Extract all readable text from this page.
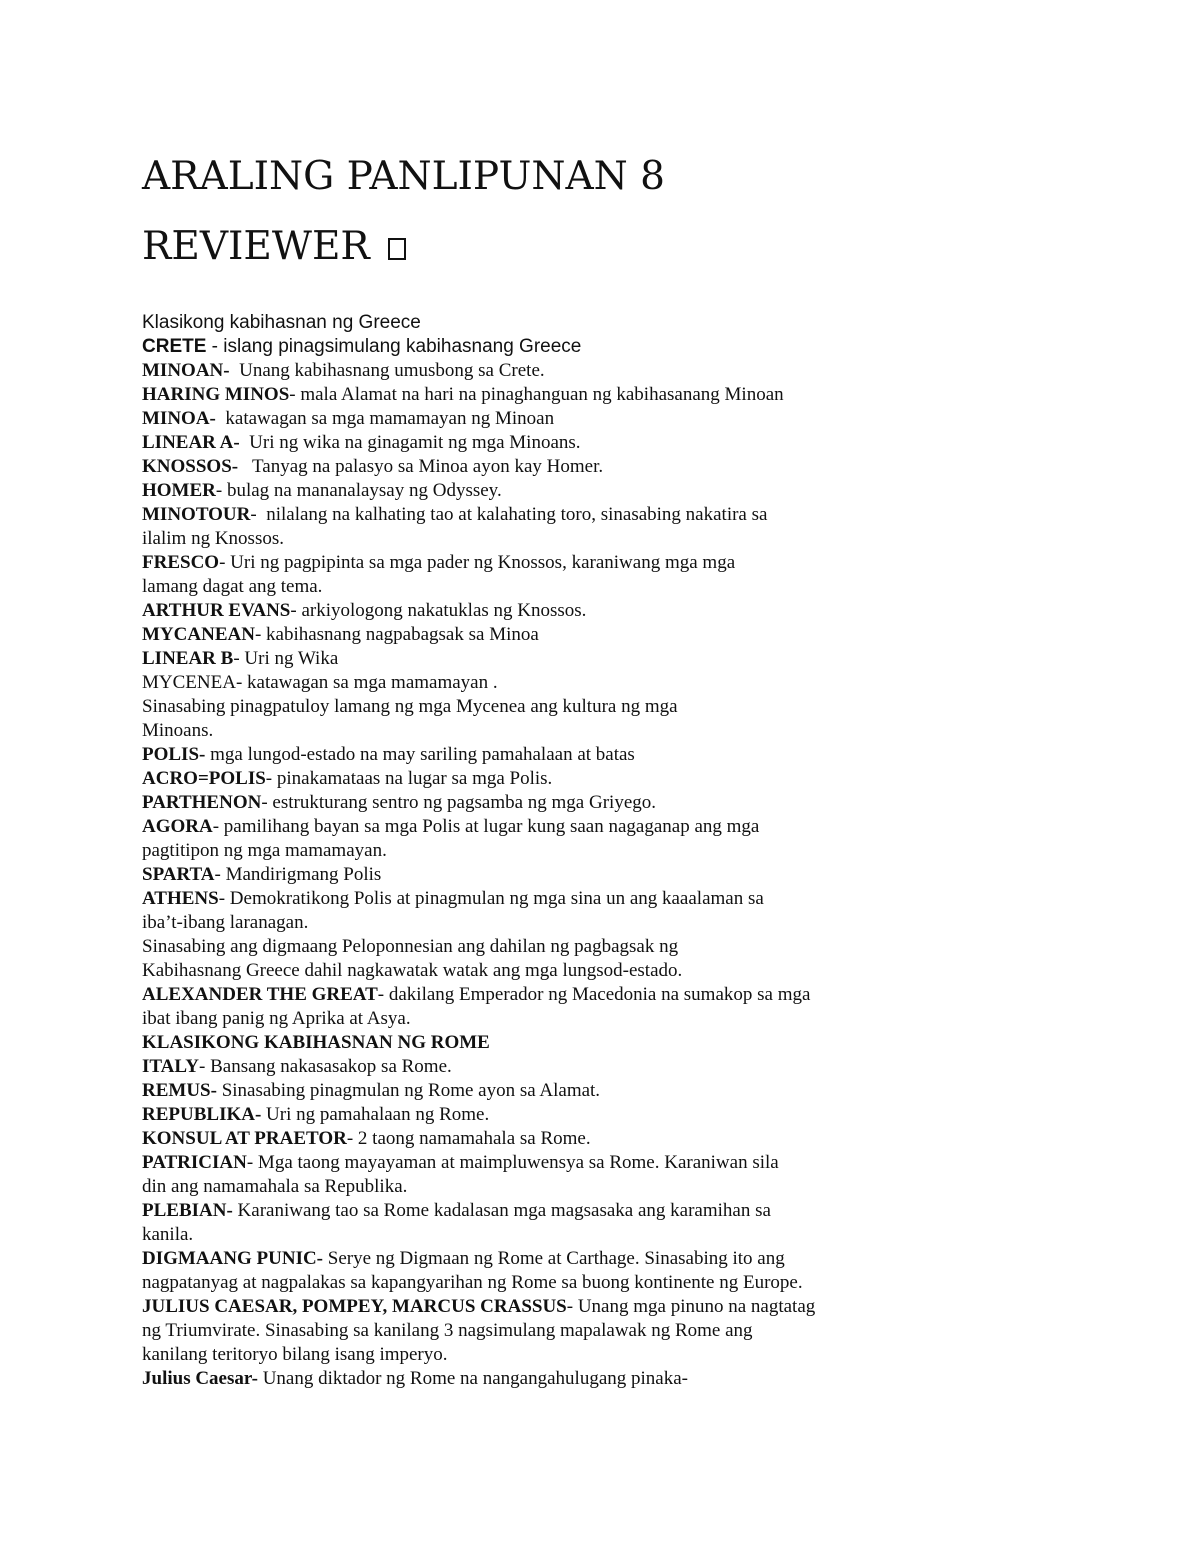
ARALING PANLIPUNAN 8
REVIEWER
Klasikong kabihasnan ng Greece
CRETE - islang pinagsimulang kabihasnang Greece
MINOAN-  Unang kabihasnang umusbong sa Crete.
HARING MINOS- mala Alamat na hari na pinaghanguan ng kabihasanang Minoan
MINOA-  katawagan sa mga mamamayan ng Minoan
LINEAR A-  Uri ng wika na ginagamit ng mga Minoans.
KNOSSOS-   Tanyag na palasyo sa Minoa ayon kay Homer.
HOMER- bulag na mananalaysay ng Odyssey.
MINOTOUR-  nilalang na kalhating tao at kalahating toro, sinasabing nakatira sa
ilalim ng Knossos.
FRESCO- Uri ng pagpipinta sa mga pader ng Knossos, karaniwang mga mga
lamang dagat ang tema.
ARTHUR EVANS- arkiyologong nakatuklas ng Knossos.
MYCANEAN- kabihasnang nagpabagsak sa Minoa
LINEAR B- Uri ng Wika
MYCENEA- katawagan sa mga mamamayan .
Sinasabing pinagpatuloy lamang ng mga Mycenea ang kultura ng mga
Minoans.
POLIS- mga lungod-estado na may sariling pamahalaan at batas
ACRO=POLIS- pinakamataas na lugar sa mga Polis.
PARTHENON- estrukturang sentro ng pagsamba ng mga Griyego.
AGORA- pamilihang bayan sa mga Polis at lugar kung saan nagaganap ang mga
pagtitipon ng mga mamamayan.
SPARTA- Mandirigmang Polis
ATHENS- Demokratikong Polis at pinagmulan ng mga sina un ang kaaalaman sa
iba’t-ibang laranagan.
Sinasabing ang digmaang Peloponnesian ang dahilan ng pagbagsak ng
Kabihasnang Greece dahil nagkawatak watak ang mga lungsod-estado.
ALEXANDER THE GREAT- dakilang Emperador ng Macedonia na sumakop sa mga
ibat ibang panig ng Aprika at Asya.
KLASIKONG KABIHASNAN NG ROME
ITALY- Bansang nakasasakop sa Rome.
REMUS- Sinasabing pinagmulan ng Rome ayon sa Alamat.
REPUBLIKA- Uri ng pamahalaan ng Rome.
KONSUL AT PRAETOR- 2 taong namamahala sa Rome.
PATRICIAN- Mga taong mayayaman at maimpluwensya sa Rome. Karaniwan sila
din ang namamahala sa Republika.
PLEBIAN- Karaniwang tao sa Rome kadalasan mga magsasaka ang karamihan sa
kanila.
DIGMAANG PUNIC- Serye ng Digmaan ng Rome at Carthage. Sinasabing ito ang
nagpatanyag at nagpalakas sa kapangyarihan ng Rome sa buong kontinente ng Europe.
JULIUS CAESAR, POMPEY, MARCUS CRASSUS- Unang mga pinuno na nagtatag
ng Triumvirate. Sinasabing sa kanilang 3 nagsimulang mapalawak ng Rome ang
kanilang teritoryo bilang isang imperyo.
Julius Caesar- Unang diktador ng Rome na nangangahulugang pinaka-
